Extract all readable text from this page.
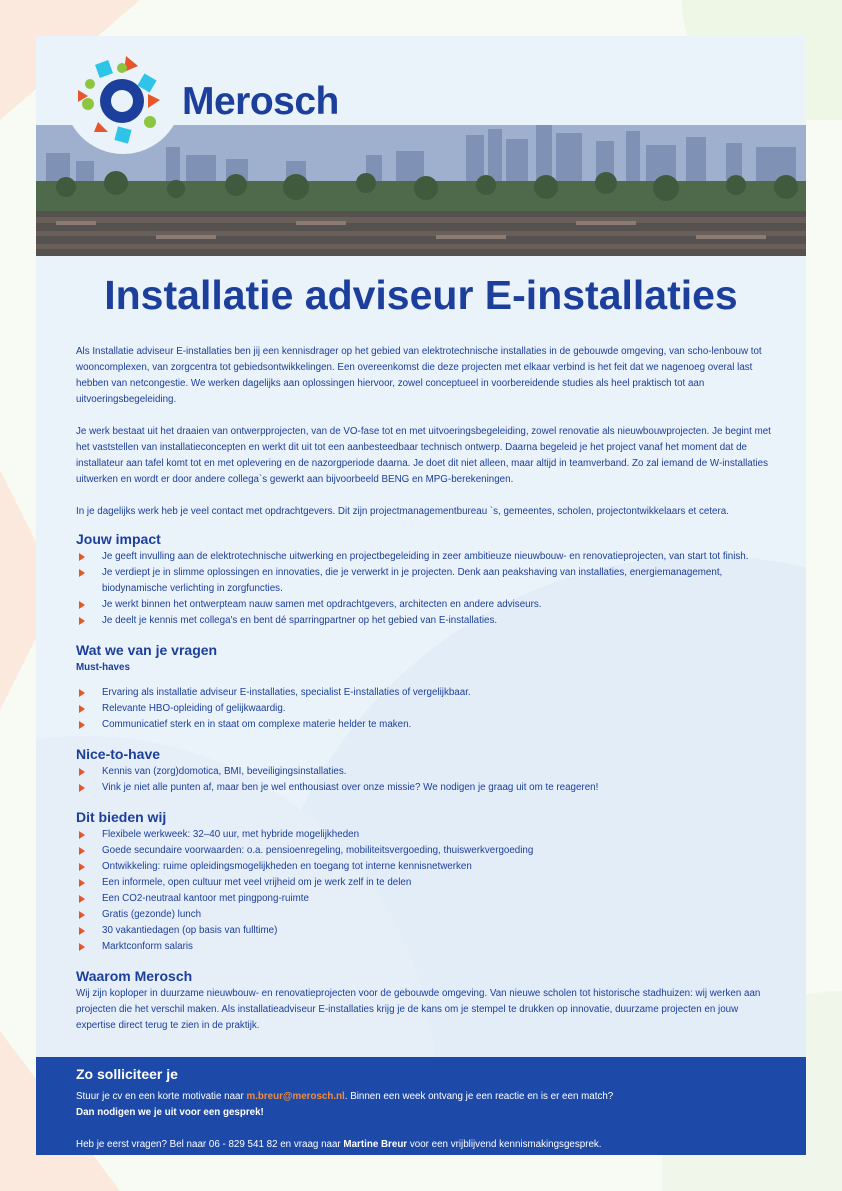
Merosch
Installatie adviseur E-installaties

Als Installatie adviseur E-installaties ben jij een kennisdrager op het gebied van elektrotechnische installaties in de gebouwde omgeving, van scho-lenbouw tot wooncomplexen, van zorgcentra tot gebiedsontwikkelingen. Een overeenkomst die deze projecten met elkaar verbind is het feit dat we nagenoeg overal last hebben van netcongestie. We werken dagelijks aan oplossingen hiervoor, zowel conceptueel in voorbereidende studies als heel praktisch tot aan uitvoeringsbegeleiding.

Je werk bestaat uit het draaien van ontwerpprojecten, van de VO-fase tot en met uitvoeringsbegeleiding, zowel renovatie als nieuwbouwprojecten. Je begint met het vaststellen van installatieconcepten en werkt dit uit tot een aanbesteedbaar technisch ontwerp. Daarna begeleid je het project vanaf het moment dat de installateur aan tafel komt tot en met oplevering en de nazorgperiode daarna. Je doet dit niet alleen, maar altijd in teamverband. Zo zal iemand de W-installaties uitwerken en wordt er door andere collega`s gewerkt aan bijvoorbeeld BENG en MPG-berekeningen.

In je dagelijks werk heb je veel contact met opdrachtgevers. Dit zijn projectmanagementbureau `s, gemeentes, scholen, projectontwikkelaars et cetera.

Jouw impact
Je geeft invulling aan de elektrotechnische uitwerking en projectbegeleiding in zeer ambitieuze nieuwbouw- en renovatieprojecten, van start tot finish.
Je verdiept je in slimme oplossingen en innovaties, die je verwerkt in je projecten. Denk aan peakshaving van installaties, energiemanagement, biodynamische verlichting in zorgfuncties.
Je werkt binnen het ontwerpteam nauw samen met opdrachtgevers, architecten en andere adviseurs.
Je deelt je kennis met collega's en bent dé sparringpartner op het gebied van E-installaties.
Wat we van je vragen
Must-haves
Ervaring als installatie adviseur E-installaties, specialist E-installaties of vergelijkbaar.
Relevante HBO-opleiding of gelijkwaardig.
Communicatief sterk en in staat om complexe materie helder te maken.
Nice-to-have
Kennis van (zorg)domotica, BMI, beveiligingsinstallaties.
Vink je niet alle punten af, maar ben je wel enthousiast over onze missie? We nodigen je graag uit om te reageren!
Dit bieden wij
Flexibele werkweek: 32–40 uur, met hybride mogelijkheden
Goede secundaire voorwaarden: o.a. pensioenregeling, mobiliteitsvergoeding, thuiswerkvergoeding
Ontwikkeling: ruime opleidingsmogelijkheden en toegang tot interne kennisnetwerken
Een informele, open cultuur met veel vrijheid om je werk zelf in te delen
Een CO2-neutraal kantoor met pingpong-ruimte
Gratis (gezonde) lunch
30 vakantiedagen (op basis van fulltime)
Marktconform salaris
Waarom Merosch

Wij zijn koploper in duurzame nieuwbouw- en renovatieprojecten voor de gebouwde omgeving. Van nieuwe scholen tot historische stadhuizen: wij werken aan projecten die het verschil maken. Als installatieadviseur E-installaties krijg je de kans om je stempel te drukken op innovatie, duurzame projecten en jouw expertise direct terug te zien in de praktijk.

Zo solliciteer je
Stuur je cv en een korte motivatie naar m.breur@merosch.nl. Binnen een week ontvang je een reactie en is er een match?
Dan nodigen we je uit voor een gesprek!
Heb je eerst vragen? Bel naar 06 - 829 541 82 en vraag naar Martine Breur voor een vrijblijvend kennismakingsgesprek.
